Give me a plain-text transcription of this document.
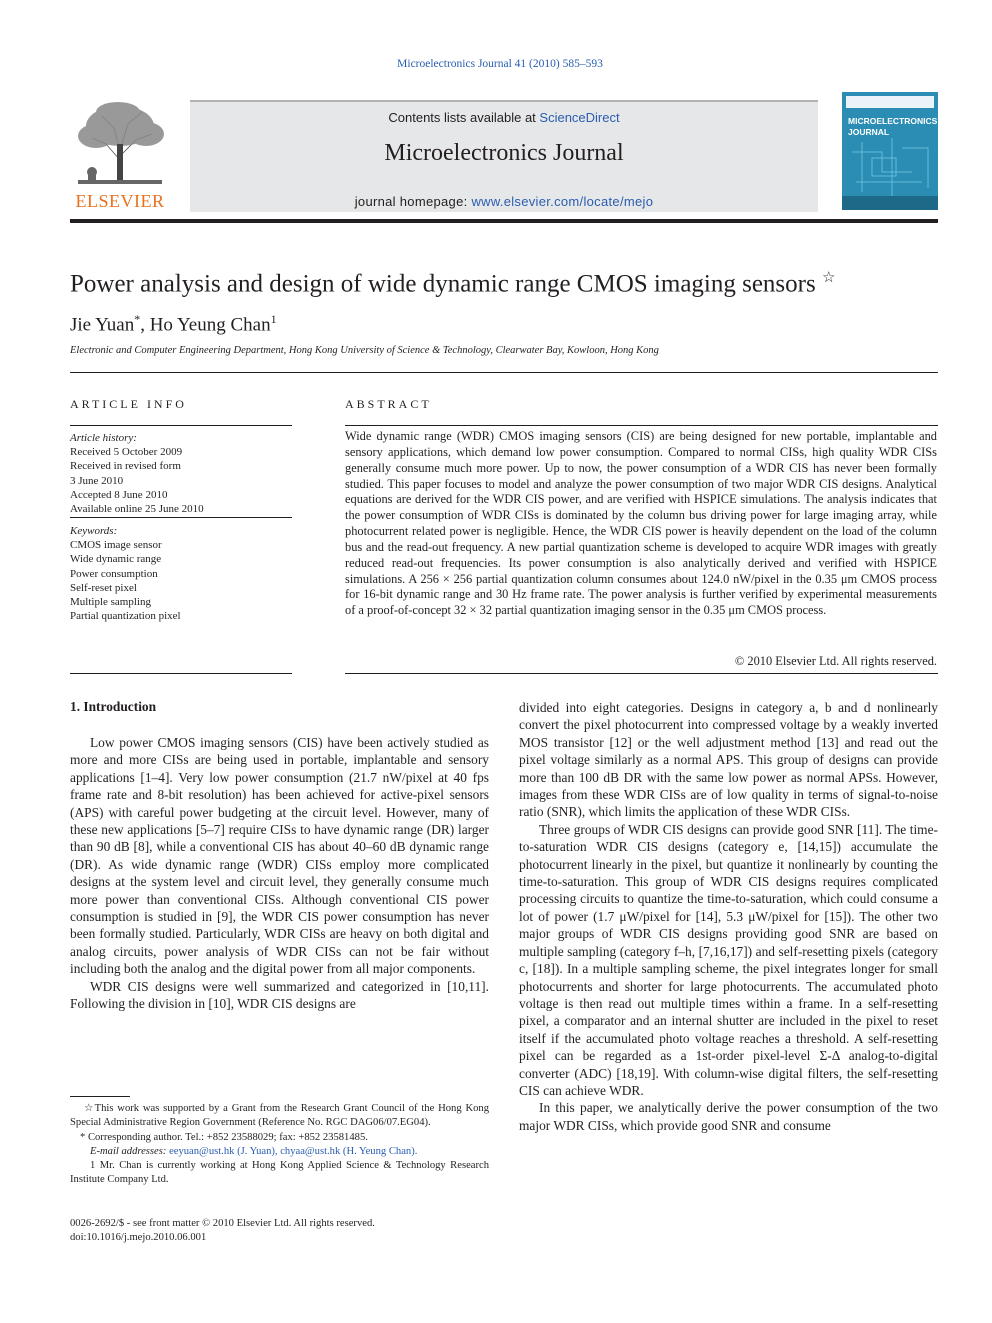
Microelectronics Journal 41 (2010) 585–593
ELSEVIER
Contents lists available at ScienceDirect
Microelectronics Journal
journal homepage: www.elsevier.com/locate/mejo
MICROELECTRONICS
JOURNAL
Power analysis and design of wide dynamic range CMOS imaging sensors ☆
Jie Yuan*, Ho Yeung Chan$^1$
Electronic and Computer Engineering Department, Hong Kong University of Science & Technology, Clearwater Bay, Kowloon, Hong Kong
ARTICLE INFO
Article history:
Received 5 October 2009
Received in revised form
3 June 2010
Accepted 8 June 2010
Available online 25 June 2010
Keywords:
CMOS image sensor
Wide dynamic range
Power consumption
Self-reset pixel
Multiple sampling
Partial quantization pixel
ABSTRACT
Wide dynamic range (WDR) CMOS imaging sensors (CIS) are being designed for new portable, implantable and sensory applications, which demand low power consumption. Compared to normal CISs, high quality WDR CISs generally consume much more power. Up to now, the power consumption of a WDR CIS has never been formally studied. This paper focuses to model and analyze the power consumption of two major WDR CIS designs. Analytical equations are derived for the WDR CIS power, and are verified with HSPICE simulations. The analysis indicates that the power consumption of WDR CISs is dominated by the column bus driving power for large imaging array, while photocurrent related power is negligible. Hence, the WDR CIS power is heavily dependent on the load of the column bus and the read-out frequency. A new partial quantization scheme is developed to acquire WDR images with greatly reduced read-out frequencies. Its power consumption is also analytically derived and verified with HSPICE simulations. A 256 × 256 partial quantization column consumes about 124.0 nW/pixel in the 0.35 μm CMOS process for 16-bit dynamic range and 30 Hz frame rate. The power analysis is further verified by experimental measurements of a proof-of-concept 32 × 32 partial quantization imaging sensor in the 0.35 μm CMOS process.
© 2010 Elsevier Ltd. All rights reserved.
1. Introduction

Low power CMOS imaging sensors (CIS) have been actively studied as more and more CISs are being used in portable, implantable and sensory applications [1–4]. Very low power consumption (21.7 nW/pixel at 40 fps frame rate and 8-bit resolution) has been achieved for active-pixel sensors (APS) with careful power budgeting at the circuit level. However, many of these new applications [5–7] require CISs to have dynamic range (DR) larger than 90 dB [8], while a conventional CIS has about 40–60 dB dynamic range (DR). As wide dynamic range (WDR) CISs employ more complicated designs at the system level and circuit level, they generally consume much more power than conventional CISs. Although conventional CIS power consumption is studied in [9], the WDR CIS power consumption has never been formally studied. Particularly, WDR CISs are heavy on both digital and analog circuits, power analysis of WDR CISs can not be fair without including both the analog and the digital power from all major components.

WDR CIS designs were well summarized and categorized in [10,11]. Following the division in [10], WDR CIS designs are

☆This work was supported by a Grant from the Research Grant Council of the Hong Kong Special Administrative Region Government (Reference No. RGC DAG06/07.EG04).

* Corresponding author. Tel.: +852 23588029; fax: +852 23581485.

E-mail addresses: eeyuan@ust.hk (J. Yuan), chyaa@ust.hk (H. Yeung Chan).

1 Mr. Chan is currently working at Hong Kong Applied Science & Technology Research Institute Company Ltd.

0026-2692/$ - see front matter © 2010 Elsevier Ltd. All rights reserved.
doi:10.1016/j.mejo.2010.06.001

divided into eight categories. Designs in category a, b and d nonlinearly convert the pixel photocurrent into compressed voltage by a weakly inverted MOS transistor [12] or the well adjustment method [13] and read out the pixel voltage similarly as a normal APS. This group of designs can provide more than 100 dB DR with the same low power as normal APSs. However, images from these WDR CISs are of low quality in terms of signal-to-noise ratio (SNR), which limits the application of these WDR CISs.

Three groups of WDR CIS designs can provide good SNR [11]. The time-to-saturation WDR CIS designs (category e, [14,15]) accumulate the photocurrent linearly in the pixel, but quantize it nonlinearly by counting the time-to-saturation. This group of WDR CIS designs requires complicated processing circuits to quantize the time-to-saturation, which could consume a lot of power (1.7 μW/pixel for [14], 5.3 μW/pixel for [15]). The other two major groups of WDR CIS designs providing good SNR are based on multiple sampling (category f–h, [7,16,17]) and self-resetting pixels (category c, [18]). In a multiple sampling scheme, the pixel integrates longer for small photocurrents and shorter for large photocurrents. The accumulated photo voltage is then read out multiple times within a frame. In a self-resetting pixel, a comparator and an internal shutter are included in the pixel to reset itself if the accumulated photo voltage reaches a threshold. A self-resetting pixel can be regarded as a 1st-order pixel-level Σ-Δ analog-to-digital converter (ADC) [18,19]. With column-wise digital filters, the self-resetting CIS can achieve WDR.

In this paper, we analytically derive the power consumption of the two major WDR CISs, which provide good SNR and consume
